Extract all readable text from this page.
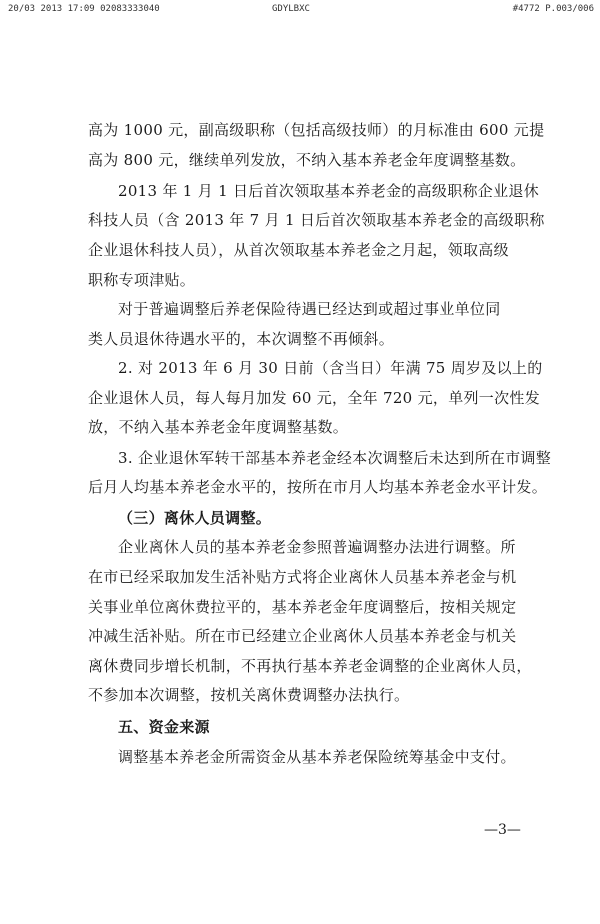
20/03 2013 17:09 02083333040	GDYLBXC	#4772 P.003/006
高为 1000 元，副高级职称（包括高级技师）的月标准由 600 元提
高为 800 元，继续单列发放，不纳入基本养老金年度调整基数。
2013 年 1 月 1 日后首次领取基本养老金的高级职称企业退休
科技人员（含 2013 年 7 月 1 日后首次领取基本养老金的高级职称
企业退休科技人员），从首次领取基本养老金之月起，领取高级
职称专项津贴。
对于普遍调整后养老保险待遇已经达到或超过事业单位同
类人员退休待遇水平的，本次调整不再倾斜。
2. 对 2013 年 6 月 30 日前（含当日）年满 75 周岁及以上的
企业退休人员，每人每月加发 60 元，全年 720 元，单列一次性发
放，不纳入基本养老金年度调整基数。
3. 企业退休军转干部基本养老金经本次调整后未达到所在市调整
后月人均基本养老金水平的，按所在市月人均基本养老金水平计发。
（三）离休人员调整。
企业离休人员的基本养老金参照普遍调整办法进行调整。所
在市已经采取加发生活补贴方式将企业离休人员基本养老金与机
关事业单位离休费拉平的，基本养老金年度调整后，按相关规定
冲减生活补贴。所在市已经建立企业离休人员基本养老金与机关
离休费同步增长机制，不再执行基本养老金调整的企业离休人员，
不参加本次调整，按机关离休费调整办法执行。
五、资金来源
调整基本养老金所需资金从基本养老保险统筹基金中支付。
—3—
